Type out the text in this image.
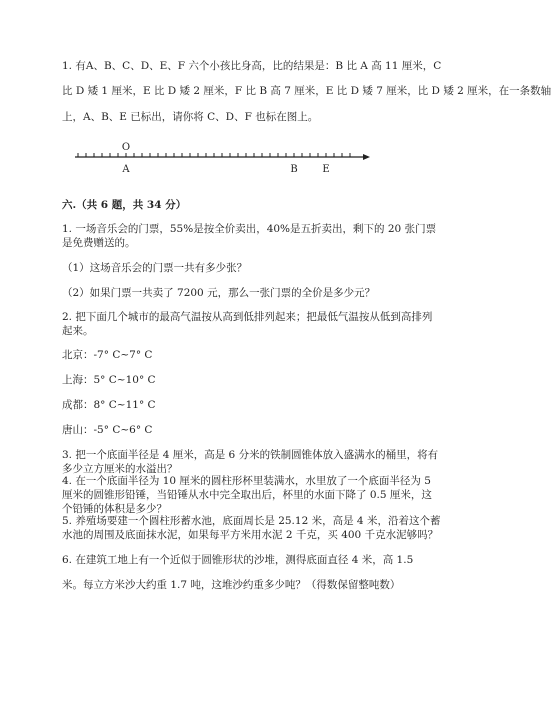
1. 有A、B、C、D、E、F 六个小孩比身高，比的结果是：B 比 A 高 11 厘米，C
比 D 矮 1 厘米，E 比 D 矮 2 厘米，F 比 B 高 7 厘米，E 比 D 矮 7 厘米，比 D 矮 2 厘米，在一条数轴
上，A、B、E 已标出，请你将 C、D、F 也标在图上。
O
A	B E
六.（共 6 题，共 34 分）
1. 一场音乐会的门票，55%是按全价卖出，40%是五折卖出，剩下的 20 张门票是免费赠送的。
（1）这场音乐会的门票一共有多少张？
（2）如果门票一共卖了 7200 元，那么一张门票的全价是多少元？
2. 把下面几个城市的最高气温按从高到低排列起来；把最低气温按从低到高排列起来。
北京：-7° C~7° C
上海：5° C~10° C
成都：8° C~11° C
唐山：-5° C~6° C
3. 把一个底面半径是 4 厘米，高是 6 分米的铁制圆锥体放入盛满水的桶里，将有多少立方厘米的水溢出？
4. 在一个底面半径为 10 厘米的圆柱形杯里装满水，水里放了一个底面半径为 5 厘米的圆锥形铅锤，当铅锤从水中完全取出后，杯里的水面下降了 0.5 厘米，这个铅锤的体积是多少？
5. 养殖场要建一个圆柱形蓄水池，底面周长是 25.12 米，高是 4 米，沿着这个蓄水池的周围及底面抹水泥，如果每平方米用水泥 2 千克，买 400 千克水泥够吗？
6. 在建筑工地上有一个近似于圆锥形状的沙堆，测得底面直径 4 米，高 1.5
米。每立方米沙大约重 1.7 吨，这堆沙约重多少吨？（得数保留整吨数）
